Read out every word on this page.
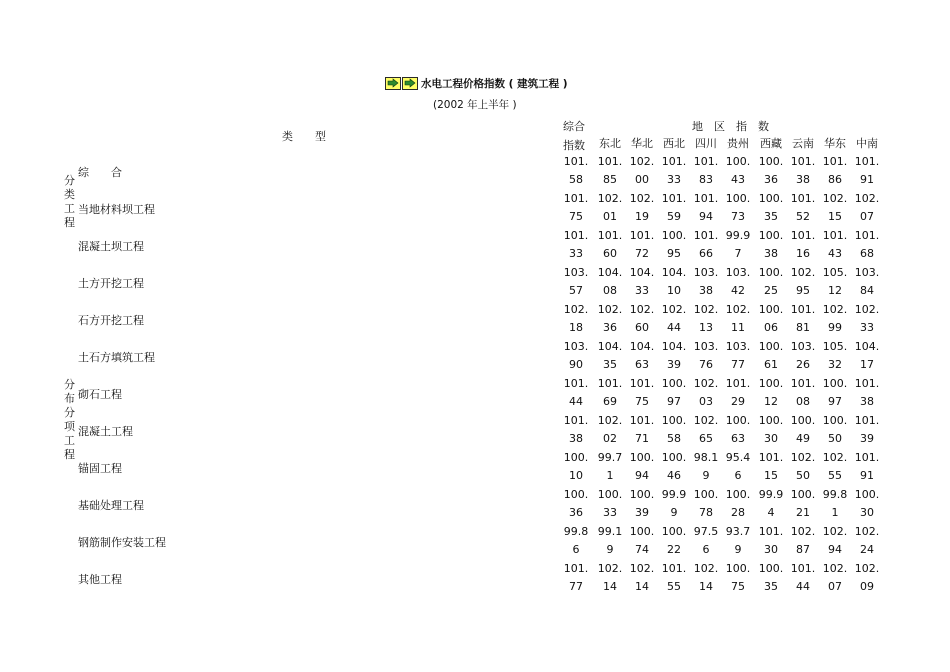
水电工程价格指数 ( 建筑工程 )
(2002 年上半年 )
类　　型
综合
指数
地　区　指　数
东北 华北 西北 四川 贵州	西藏 云南 华东 中南
分类工程
分布分项工程
综　　合
101.
58
101.
85
102.
00
101.
33
101.
83
100.
43
100.
36
101.
38
101.
86
101.
91
当地材料坝工程
101.
75
102.
01
102.
19
101.
59
101.
94
100.
73
100.
35
101.
52
102.
15
102.
07
混凝土坝工程
101.
33
101.
60
101.
72
100.
95
101.
66
99.9
7
100.
38
101.
16
101.
43
101.
68
土方开挖工程
103.
57
104.
08
104.
33
104.
10
103.
38
103.
42
100.
25
102.
95
105.
12
103.
84
石方开挖工程
102.
18
102.
36
102.
60
102.
44
102.
13
102.
11
100.
06
101.
81
102.
99
102.
33
土石方填筑工程
103.
90
104.
35
104.
63
104.
39
103.
76
103.
77
100.
61
103.
26
105.
32
104.
17
砌石工程
101.
44
101.
69
101.
75
100.
97
102.
03
101.
29
100.
12
101.
08
100.
97
101.
38
混凝土工程
101.
38
102.
02
101.
71
100.
58
102.
65
100.
63
100.
30
100.
49
100.
50
101.
39
锚固工程
100.
10
99.7
1
100.
94
100.
46
98.1
9
95.4
6
101.
15
102.
50
102.
55
101.
91
基础处理工程
100.
36
100.
33
100.
39
99.9
9
100.
78
100.
28
99.9
4
100.
21
99.8
1
100.
30
钢筋制作安装工程
99.8
6
99.1
9
100.
74
100.
22
97.5
6
93.7
9
101.
30
102.
87
102.
94
102.
24
其他工程
101.
77
102.
14
102.
14
101.
55
102.
14
100.
75
100.
35
101.
44
102.
07
102.
09
